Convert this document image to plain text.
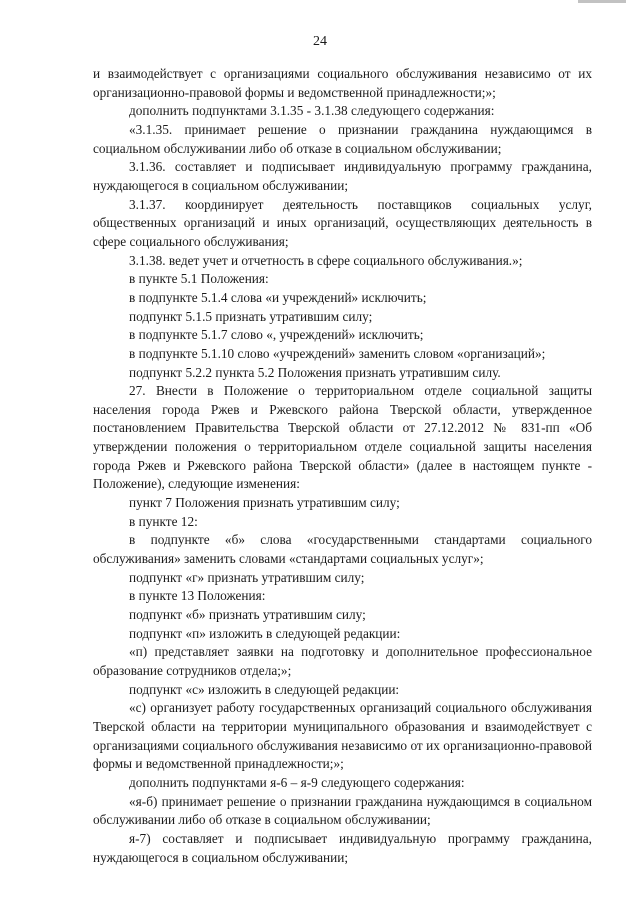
24

и взаимодействует с организациями социального обслуживания независимо от их организационно-правовой формы и ведомственной принадлежности;»;

дополнить подпунктами 3.1.35 - 3.1.38 следующего содержания:

«3.1.35. принимает решение о признании гражданина нуждающимся в социальном обслуживании либо об отказе в социальном обслуживании;

3.1.36. составляет и подписывает индивидуальную программу гражданина, нуждающегося в социальном обслуживании;

3.1.37. координирует деятельность поставщиков социальных услуг, общественных организаций и иных организаций, осуществляющих деятельность в сфере социального обслуживания;

3.1.38. ведет учет и отчетность в сфере социального обслуживания.»;

в пункте 5.1 Положения:

в подпункте 5.1.4 слова «и учреждений» исключить;

подпункт 5.1.5 признать утратившим силу;

в подпункте 5.1.7 слово «, учреждений» исключить;

в подпункте 5.1.10 слово «учреждений» заменить словом «организаций»;

подпункт 5.2.2 пункта 5.2 Положения признать утратившим силу.

27. Внести в Положение о территориальном отделе социальной защиты населения города Ржев и Ржевского района Тверской области, утвержденное постановлением Правительства Тверской области от 27.12.2012 № 831-пп «Об утверждении положения о территориальном отделе социальной защиты населения города Ржев и Ржевского района Тверской области» (далее в настоящем пункте - Положение), следующие изменения:

пункт 7 Положения признать утратившим силу;

в пункте 12:

в подпункте «б» слова «государственными стандартами социального обслуживания» заменить словами «стандартами социальных услуг»;

подпункт «г» признать утратившим силу;

в пункте 13 Положения:

подпункт «б» признать утратившим силу;

подпункт «п» изложить в следующей редакции:

«п) представляет заявки на подготовку и дополнительное профессиональное образование сотрудников отдела;»;

подпункт «с» изложить в следующей редакции:

«с) организует работу государственных организаций социального обслуживания Тверской области на территории муниципального образования и взаимодействует с организациями социального обслуживания независимо от их организационно-правовой формы и ведомственной принадлежности;»;

дополнить подпунктами я-6 – я-9 следующего содержания:

«я-б) принимает решение о признании гражданина нуждающимся в социальном обслуживании либо об отказе в социальном обслуживании;

я-7) составляет и подписывает индивидуальную программу гражданина, нуждающегося в социальном обслуживании;
